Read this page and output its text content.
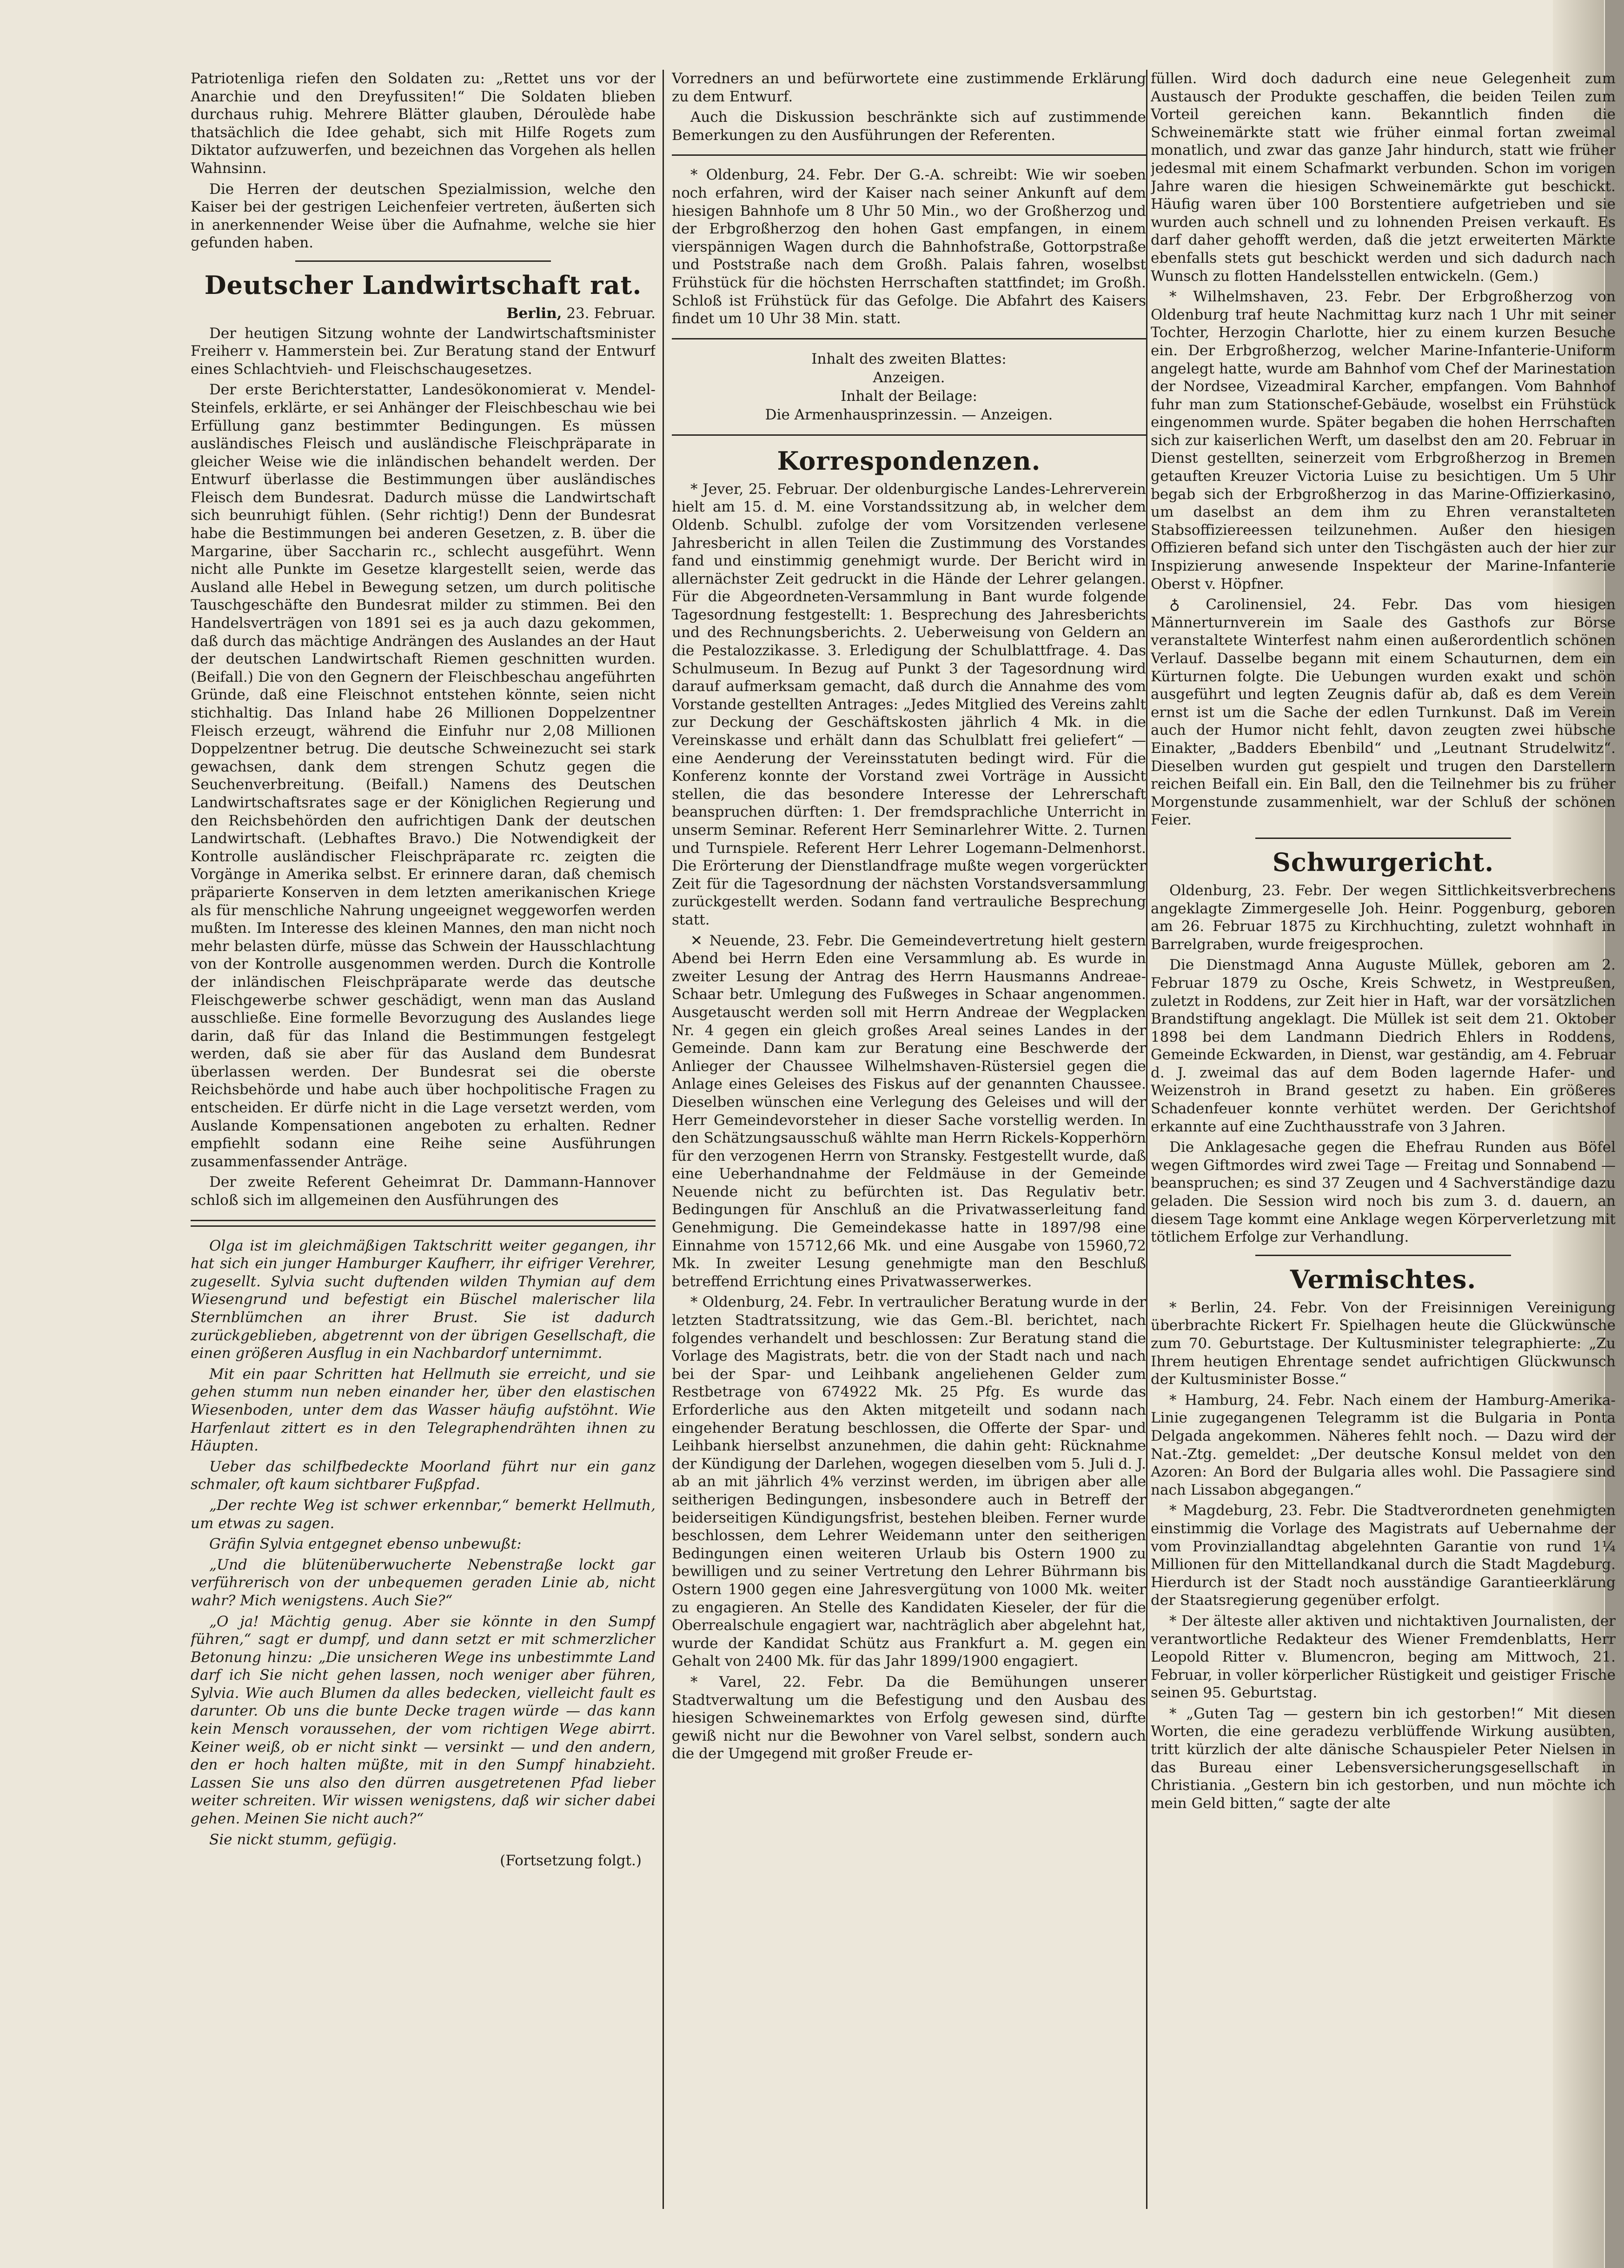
Patriotenliga riefen den Soldaten zu: „Rettet uns vor der Anarchie und den Dreyfussiten!“ Die Soldaten blieben durchaus ruhig. Mehrere Blätter glauben, Déroulède habe thatsächlich die Idee gehabt, sich mit Hilfe Rogets zum Diktator aufzuwerfen, und bezeichnen das Vorgehen als hellen Wahnsinn.

Die Herren der deutschen Spezialmission, welche den Kaiser bei der gestrigen Leichenfeier vertreten, äußerten sich in anerkennender Weise über die Aufnahme, welche sie hier gefunden haben.

Deutscher Landwirtschaft rat.
Berlin, 23. Februar.

Der heutigen Sitzung wohnte der Landwirtschaftsminister Freiherr v. Hammerstein bei. Zur Beratung stand der Entwurf eines Schlachtvieh- und Fleischschaugesetzes.

Der erste Berichterstatter, Landesökonomierat v. Mendel-Steinfels, erklärte, er sei Anhänger der Fleischbeschau wie bei Erfüllung ganz bestimmter Bedingungen. Es müssen ausländisches Fleisch und ausländische Fleischpräparate in gleicher Weise wie die inländischen behandelt werden. Der Entwurf überlasse die Bestimmungen über ausländisches Fleisch dem Bundesrat. Dadurch müsse die Landwirtschaft sich beunruhigt fühlen. (Sehr richtig!) Denn der Bundesrat habe die Bestimmungen bei anderen Gesetzen, z. B. über die Margarine, über Saccharin rc., schlecht ausgeführt. Wenn nicht alle Punkte im Gesetze klargestellt seien, werde das Ausland alle Hebel in Bewegung setzen, um durch politische Tauschgeschäfte den Bundesrat milder zu stimmen. Bei den Handelsverträgen von 1891 sei es ja auch dazu gekommen, daß durch das mächtige Andrängen des Auslandes an der Haut der deutschen Landwirtschaft Riemen geschnitten wurden. (Beifall.) Die von den Gegnern der Fleischbeschau angeführten Gründe, daß eine Fleischnot entstehen könnte, seien nicht stichhaltig. Das Inland habe 26 Millionen Doppelzentner Fleisch erzeugt, während die Einfuhr nur 2,08 Millionen Doppelzentner betrug. Die deutsche Schweinezucht sei stark gewachsen, dank dem strengen Schutz gegen die Seuchenverbreitung. (Beifall.) Namens des Deutschen Landwirtschaftsrates sage er der Königlichen Regierung und den Reichsbehörden den aufrichtigen Dank der deutschen Landwirtschaft. (Lebhaftes Bravo.) Die Notwendigkeit der Kontrolle ausländischer Fleischpräparate rc. zeigten die Vorgänge in Amerika selbst. Er erinnere daran, daß chemisch präparierte Konserven in dem letzten amerikanischen Kriege als für menschliche Nahrung ungeeignet weggeworfen werden mußten. Im Interesse des kleinen Mannes, den man nicht noch mehr belasten dürfe, müsse das Schwein der Hausschlachtung von der Kontrolle ausgenommen werden. Durch die Kontrolle der inländischen Fleischpräparate werde das deutsche Fleischgewerbe schwer geschädigt, wenn man das Ausland ausschließe. Eine formelle Bevorzugung des Auslandes liege darin, daß für das Inland die Bestimmungen festgelegt werden, daß sie aber für das Ausland dem Bundesrat überlassen werden. Der Bundesrat sei die oberste Reichsbehörde und habe auch über hochpolitische Fragen zu entscheiden. Er dürfe nicht in die Lage versetzt werden, vom Auslande Kompensationen angeboten zu erhalten. Redner empfiehlt sodann eine Reihe seine Ausführungen zusammenfassender Anträge.

Der zweite Referent Geheimrat Dr. Dammann-Hannover schloß sich im allgemeinen den Ausführungen des

Olga ist im gleichmäßigen Taktschritt weiter gegangen, ihr hat sich ein junger Hamburger Kaufherr, ihr eifriger Verehrer, zugesellt. Sylvia sucht duftenden wilden Thymian auf dem Wiesengrund und befestigt ein Büschel malerischer lila Sternblümchen an ihrer Brust. Sie ist dadurch zurückgeblieben, abgetrennt von der übrigen Gesellschaft, die einen größeren Ausflug in ein Nachbardorf unternimmt.

Mit ein paar Schritten hat Hellmuth sie erreicht, und sie gehen stumm nun neben einander her, über den elastischen Wiesenboden, unter dem das Wasser häufig aufstöhnt. Wie Harfenlaut zittert es in den Telegraphendrähten ihnen zu Häupten.

Ueber das schilfbedeckte Moorland führt nur ein ganz schmaler, oft kaum sichtbarer Fußpfad.

„Der rechte Weg ist schwer erkennbar,“ bemerkt Hellmuth, um etwas zu sagen.

Gräfin Sylvia entgegnet ebenso unbewußt:

„Und die blütenüberwucherte Nebenstraße lockt gar verführerisch von der unbequemen geraden Linie ab, nicht wahr? Mich wenigstens. Auch Sie?“

„O ja! Mächtig genug. Aber sie könnte in den Sumpf führen,“ sagt er dumpf, und dann setzt er mit schmerzlicher Betonung hinzu: „Die unsicheren Wege ins unbestimmte Land darf ich Sie nicht gehen lassen, noch weniger aber führen, Sylvia. Wie auch Blumen da alles bedecken, vielleicht fault es darunter. Ob uns die bunte Decke tragen würde — das kann kein Mensch voraussehen, der vom richtigen Wege abirrt. Keiner weiß, ob er nicht sinkt — versinkt — und den andern, den er hoch halten müßte, mit in den Sumpf hinabzieht. Lassen Sie uns also den dürren ausgetretenen Pfad lieber weiter schreiten. Wir wissen wenigstens, daß wir sicher dabei gehen. Meinen Sie nicht auch?“

Sie nickt stumm, gefügig.

(Fortsetzung folgt.)

Vorredners an und befürwortete eine zustimmende Erklärung zu dem Entwurf.

Auch die Diskussion beschränkte sich auf zustimmende Bemerkungen zu den Ausführungen der Referenten.

* Oldenburg, 24. Febr. Der G.-A. schreibt: Wie wir soeben noch erfahren, wird der Kaiser nach seiner Ankunft auf dem hiesigen Bahnhofe um 8 Uhr 50 Min., wo der Großherzog und der Erbgroßherzog den hohen Gast empfangen, in einem vierspännigen Wagen durch die Bahnhofstraße, Gottorpstraße und Poststraße nach dem Großh. Palais fahren, woselbst Frühstück für die höchsten Herrschaften stattfindet; im Großh. Schloß ist Frühstück für das Gefolge. Die Abfahrt des Kaisers findet um 10 Uhr 38 Min. statt.

Inhalt des zweiten Blattes:

Anzeigen.

Inhalt der Beilage:

Die Armenhausprinzessin. — Anzeigen.

Korrespondenzen.

* Jever, 25. Februar. Der oldenburgische Landes-Lehrerverein hielt am 15. d. M. eine Vorstandssitzung ab, in welcher dem Oldenb. Schulbl. zufolge der vom Vorsitzenden verlesene Jahresbericht in allen Teilen die Zustimmung des Vorstandes fand und einstimmig genehmigt wurde. Der Bericht wird in allernächster Zeit gedruckt in die Hände der Lehrer gelangen. Für die Abgeordneten-Versammlung in Bant wurde folgende Tagesordnung festgestellt: 1. Besprechung des Jahresberichts und des Rechnungsberichts. 2. Ueberweisung von Geldern an die Pestalozzikasse. 3. Erledigung der Schulblattfrage. 4. Das Schulmuseum. In Bezug auf Punkt 3 der Tagesordnung wird darauf aufmerksam gemacht, daß durch die Annahme des vom Vorstande gestellten Antrages: „Jedes Mitglied des Vereins zahlt zur Deckung der Geschäftskosten jährlich 4 Mk. in die Vereinskasse und erhält dann das Schulblatt frei geliefert“ — eine Aenderung der Vereinsstatuten bedingt wird. Für die Konferenz konnte der Vorstand zwei Vorträge in Aussicht stellen, die das besondere Interesse der Lehrerschaft beanspruchen dürften: 1. Der fremdsprachliche Unterricht in unserm Seminar. Referent Herr Seminarlehrer Witte. 2. Turnen und Turnspiele. Referent Herr Lehrer Logemann-Delmenhorst. Die Erörterung der Dienstlandfrage mußte wegen vorgerückter Zeit für die Tagesordnung der nächsten Vorstandsversammlung zurückgestellt werden. Sodann fand vertrauliche Besprechung statt.

✕ Neuende, 23. Febr. Die Gemeindevertretung hielt gestern Abend bei Herrn Eden eine Versammlung ab. Es wurde in zweiter Lesung der Antrag des Herrn Hausmanns Andreae-Schaar betr. Umlegung des Fußweges in Schaar angenommen. Ausgetauscht werden soll mit Herrn Andreae der Wegplacken Nr. 4 gegen ein gleich großes Areal seines Landes in der Gemeinde. Dann kam zur Beratung eine Beschwerde der Anlieger der Chaussee Wilhelmshaven-Rüstersiel gegen die Anlage eines Geleises des Fiskus auf der genannten Chaussee. Dieselben wünschen eine Verlegung des Geleises und will der Herr Gemeindevorsteher in dieser Sache vorstellig werden. In den Schätzungsausschuß wählte man Herrn Rickels-Kopperhörn für den verzogenen Herrn von Stransky. Festgestellt wurde, daß eine Ueberhandnahme der Feldmäuse in der Gemeinde Neuende nicht zu befürchten ist. Das Regulativ betr. Bedingungen für Anschluß an die Privatwasserleitung fand Genehmigung. Die Gemeindekasse hatte in 1897/98 eine Einnahme von 15712,66 Mk. und eine Ausgabe von 15960,72 Mk. In zweiter Lesung genehmigte man den Beschluß betreffend Errichtung eines Privatwasserwerkes.

* Oldenburg, 24. Febr. In vertraulicher Beratung wurde in der letzten Stadtratssitzung, wie das Gem.-Bl. berichtet, nach folgendes verhandelt und beschlossen: Zur Beratung stand die Vorlage des Magistrats, betr. die von der Stadt nach und nach bei der Spar- und Leihbank angeliehenen Gelder zum Restbetrage von 674922 Mk. 25 Pfg. Es wurde das Erforderliche aus den Akten mitgeteilt und sodann nach eingehender Beratung beschlossen, die Offerte der Spar- und Leihbank hierselbst anzunehmen, die dahin geht: Rücknahme der Kündigung der Darlehen, wogegen dieselben vom 5. Juli d. J. ab an mit jährlich 4% verzinst werden, im übrigen aber alle seitherigen Bedingungen, insbesondere auch in Betreff der beiderseitigen Kündigungsfrist, bestehen bleiben. Ferner wurde beschlossen, dem Lehrer Weidemann unter den seitherigen Bedingungen einen weiteren Urlaub bis Ostern 1900 zu bewilligen und zu seiner Vertretung den Lehrer Bührmann bis Ostern 1900 gegen eine Jahresvergütung von 1000 Mk. weiter zu engagieren. An Stelle des Kandidaten Kieseler, der für die Oberrealschule engagiert war, nachträglich aber abgelehnt hat, wurde der Kandidat Schütz aus Frankfurt a. M. gegen ein Gehalt von 2400 Mk. für das Jahr 1899/1900 engagiert.

* Varel, 22. Febr. Da die Bemühungen unserer Stadtverwaltung um die Befestigung und den Ausbau des hiesigen Schweinemarktes von Erfolg gewesen sind, dürfte gewiß nicht nur die Bewohner von Varel selbst, sondern auch die der Umgegend mit großer Freude er-

füllen. Wird doch dadurch eine neue Gelegenheit zum Austausch der Produkte geschaffen, die beiden Teilen zum Vorteil gereichen kann. Bekanntlich finden die Schweinemärkte statt wie früher einmal fortan zweimal monatlich, und zwar das ganze Jahr hindurch, statt wie früher jedesmal mit einem Schafmarkt verbunden. Schon im vorigen Jahre waren die hiesigen Schweinemärkte gut beschickt. Häufig waren über 100 Borstentiere aufgetrieben und sie wurden auch schnell und zu lohnenden Preisen verkauft. Es darf daher gehofft werden, daß die jetzt erweiterten Märkte ebenfalls stets gut beschickt werden und sich dadurch nach Wunsch zu flotten Handelsstellen entwickeln. (Gem.)

* Wilhelmshaven, 23. Febr. Der Erbgroßherzog von Oldenburg traf heute Nachmittag kurz nach 1 Uhr mit seiner Tochter, Herzogin Charlotte, hier zu einem kurzen Besuche ein. Der Erbgroßherzog, welcher Marine-Infanterie-Uniform angelegt hatte, wurde am Bahnhof vom Chef der Marinestation der Nordsee, Vizeadmiral Karcher, empfangen. Vom Bahnhof fuhr man zum Stationschef-Gebäude, woselbst ein Frühstück eingenommen wurde. Später begaben die hohen Herrschaften sich zur kaiserlichen Werft, um daselbst den am 20. Februar in Dienst gestellten, seinerzeit vom Erbgroßherzog in Bremen getauften Kreuzer Victoria Luise zu besichtigen. Um 5 Uhr begab sich der Erbgroßherzog in das Marine-Offizierkasino, um daselbst an dem ihm zu Ehren veranstalteten Stabsoffiziereessen teilzunehmen. Außer den hiesigen Offizieren befand sich unter den Tischgästen auch der hier zur Inspizierung anwesende Inspekteur der Marine-Infanterie Oberst v. Höpfner.

♁ Carolinensiel, 24. Febr. Das vom hiesigen Männerturnverein im Saale des Gasthofs zur Börse veranstaltete Winterfest nahm einen außerordentlich schönen Verlauf. Dasselbe begann mit einem Schauturnen, dem ein Kürturnen folgte. Die Uebungen wurden exakt und schön ausgeführt und legten Zeugnis dafür ab, daß es dem Verein ernst ist um die Sache der edlen Turnkunst. Daß im Verein auch der Humor nicht fehlt, davon zeugten zwei hübsche Einakter, „Badders Ebenbild“ und „Leutnant Strudelwitz“. Dieselben wurden gut gespielt und trugen den Darstellern reichen Beifall ein. Ein Ball, den die Teilnehmer bis zu früher Morgenstunde zusammenhielt, war der Schluß der schönen Feier.

Schwurgericht.

Oldenburg, 23. Febr. Der wegen Sittlichkeitsverbrechens angeklagte Zimmergeselle Joh. Heinr. Poggenburg, geboren am 26. Februar 1875 zu Kirchhuchting, zuletzt wohnhaft in Barrelgraben, wurde freigesprochen.

Die Dienstmagd Anna Auguste Müllek, geboren am 2. Februar 1879 zu Osche, Kreis Schwetz, in Westpreußen, zuletzt in Roddens, zur Zeit hier in Haft, war der vorsätzlichen Brandstiftung angeklagt. Die Müllek ist seit dem 21. Oktober 1898 bei dem Landmann Diedrich Ehlers in Roddens, Gemeinde Eckwarden, in Dienst, war geständig, am 4. Februar d. J. zweimal das auf dem Boden lagernde Hafer- und Weizenstroh in Brand gesetzt zu haben. Ein größeres Schadenfeuer konnte verhütet werden. Der Gerichtshof erkannte auf eine Zuchthausstrafe von 3 Jahren.

Die Anklagesache gegen die Ehefrau Runden aus Böfel wegen Giftmordes wird zwei Tage — Freitag und Sonnabend — beanspruchen; es sind 37 Zeugen und 4 Sachverständige dazu geladen. Die Session wird noch bis zum 3. d. dauern, an diesem Tage kommt eine Anklage wegen Körperverletzung mit tötlichem Erfolge zur Verhandlung.

Vermischtes.

* Berlin, 24. Febr. Von der Freisinnigen Vereinigung überbrachte Rickert Fr. Spielhagen heute die Glückwünsche zum 70. Geburtstage. Der Kultusminister telegraphierte: „Zu Ihrem heutigen Ehrentage sendet aufrichtigen Glückwunsch der Kultusminister Bosse.“

* Hamburg, 24. Febr. Nach einem der Hamburg-Amerika-Linie zugegangenen Telegramm ist die Bulgaria in Ponta Delgada angekommen. Näheres fehlt noch. — Dazu wird der Nat.-Ztg. gemeldet: „Der deutsche Konsul meldet von den Azoren: An Bord der Bulgaria alles wohl. Die Passagiere sind nach Lissabon abgegangen.“

* Magdeburg, 23. Febr. Die Stadtverordneten genehmigten einstimmig die Vorlage des Magistrats auf Uebernahme der vom Provinziallandtag abgelehnten Garantie von rund 1¼ Millionen für den Mittellandkanal durch die Stadt Magdeburg. Hierdurch ist der Stadt noch ausständige Garantieerklärung der Staatsregierung gegenüber erfolgt.

* Der älteste aller aktiven und nichtaktiven Journalisten, der verantwortliche Redakteur des Wiener Fremdenblatts, Herr Leopold Ritter v. Blumencron, beging am Mittwoch, 21. Februar, in voller körperlicher Rüstigkeit und geistiger Frische seinen 95. Geburtstag.

* „Guten Tag — gestern bin ich gestorben!“ Mit diesen Worten, die eine geradezu verblüffende Wirkung ausübten, tritt kürzlich der alte dänische Schauspieler Peter Nielsen in das Bureau einer Lebensversicherungsgesellschaft in Christiania. „Gestern bin ich gestorben, und nun möchte ich mein Geld bitten,“ sagte der alte
